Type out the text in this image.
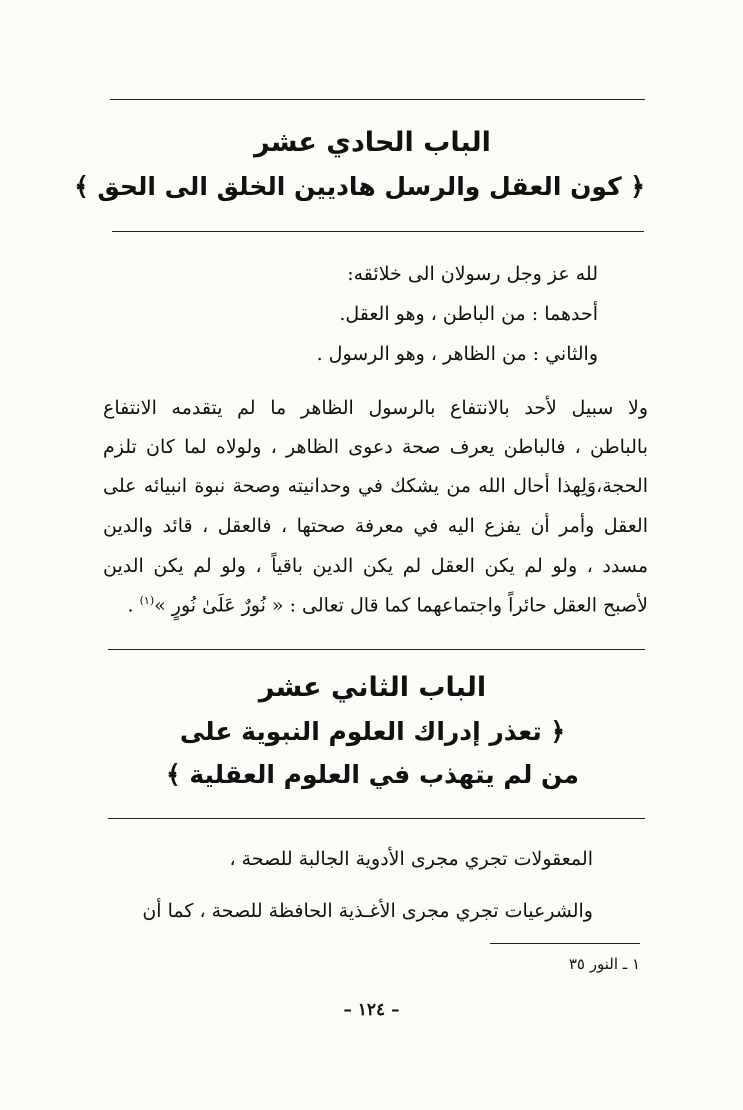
الباب الحادي عشر
﴿ كون العقل والرسل هاديين الخلق الى الحق ﴾
لله عز وجل رسولان الى خلائقه:
أحدهما : من الباطن ، وهو العقل.
والثاني : من الظاهر ، وهو الرسول .
ولا سبيل لأحد بالانتفاع بالرسول الظاهر ما لم يتقدمه الانتفاع
بالباطن ، فالباطن يعرف صحة دعوى الظاهر ، ولولاه لما كان تلزم
الحجة،وَلِهذا أحال الله من يشكك في وحدانيته وصحة نبوة انبيائه على
العقل وأمر أن يفزع اليه في معرفة صحتها ، فالعقل ، قائد والدين
مسدد ، ولو لم يكن العقل لم يكن الدين باقياً ، ولو لم يكن الدين
لأصبح العقل حائراً واجتماعهما كما قال تعالى : « نُورٌ عَلَىٰ نُورٍ »$^{(١)}$ .
الباب الثاني عشر
﴿ تعذر إدراك العلوم النبوية على
من لم يتهذب في العلوم العقلية ﴾
المعقولات تجري مجرى الأدوية الجالبة للصحة ،
والشرعيات تجري مجرى الأغـذية الحافظة للصحة ، كما أن
١ ـ النور ٣٥
– ١٢٤ –
